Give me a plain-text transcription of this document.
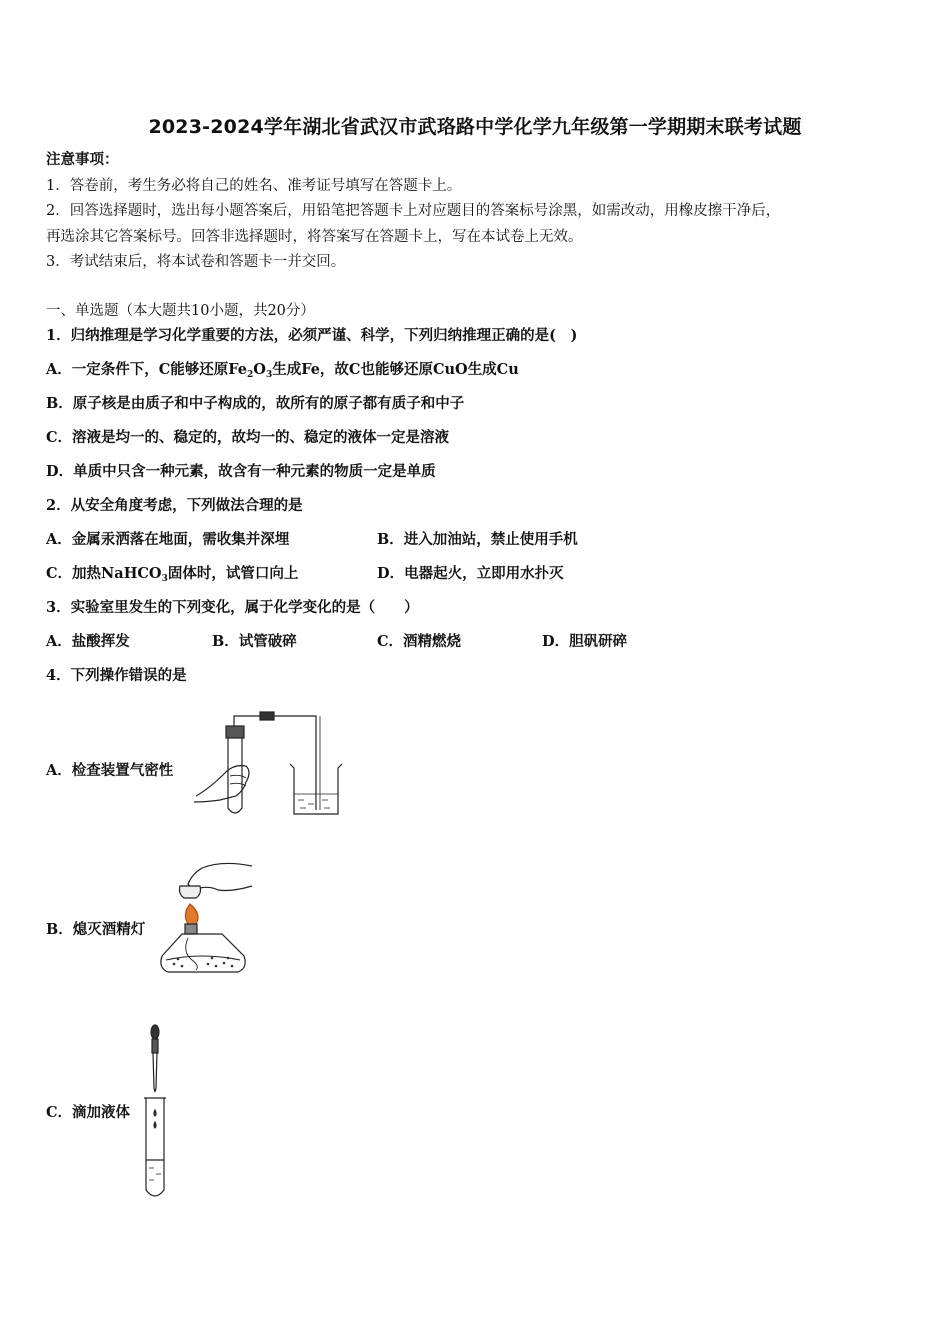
2023-2024学年湖北省武汉市武珞路中学化学九年级第一学期期末联考试题
注意事项：
1．答卷前，考生务必将自己的姓名、准考证号填写在答题卡上。
2．回答选择题时，选出每小题答案后，用铅笔把答题卡上对应题目的答案标号涂黑，如需改动，用橡皮擦干净后，
再选涂其它答案标号。回答非选择题时，将答案写在答题卡上，写在本试卷上无效。
3．考试结束后，将本试卷和答题卡一并交回。
一、单选题（本大题共10小题，共20分）
1．归纳推理是学习化学重要的方法，必须严谨、科学，下列归纳推理正确的是(　)
A．一定条件下，C能够还原$Fe_2O_3$生成Fe，故C也能够还原CuO生成Cu
B．原子核是由质子和中子构成的，故所有的原子都有质子和中子
C．溶液是均一的、稳定的，故均一的、稳定的液体一定是溶液
D．单质中只含一种元素，故含有一种元素的物质一定是单质
2．从安全角度考虑，下列做法合理的是
A．金属汞洒落在地面，需收集并深埋	B．进入加油站，禁止使用手机
C．加热NaHCO$_3$固体时，试管口向上	D．电器起火，立即用水扑灭
3．实验室里发生的下列变化，属于化学变化的是（　　）
A．盐酸挥发	B．试管破碎	C．酒精燃烧	D．胆矾研碎
4．下列操作错误的是
A．检查装置气密性
B．熄灭酒精灯
C．滴加液体
